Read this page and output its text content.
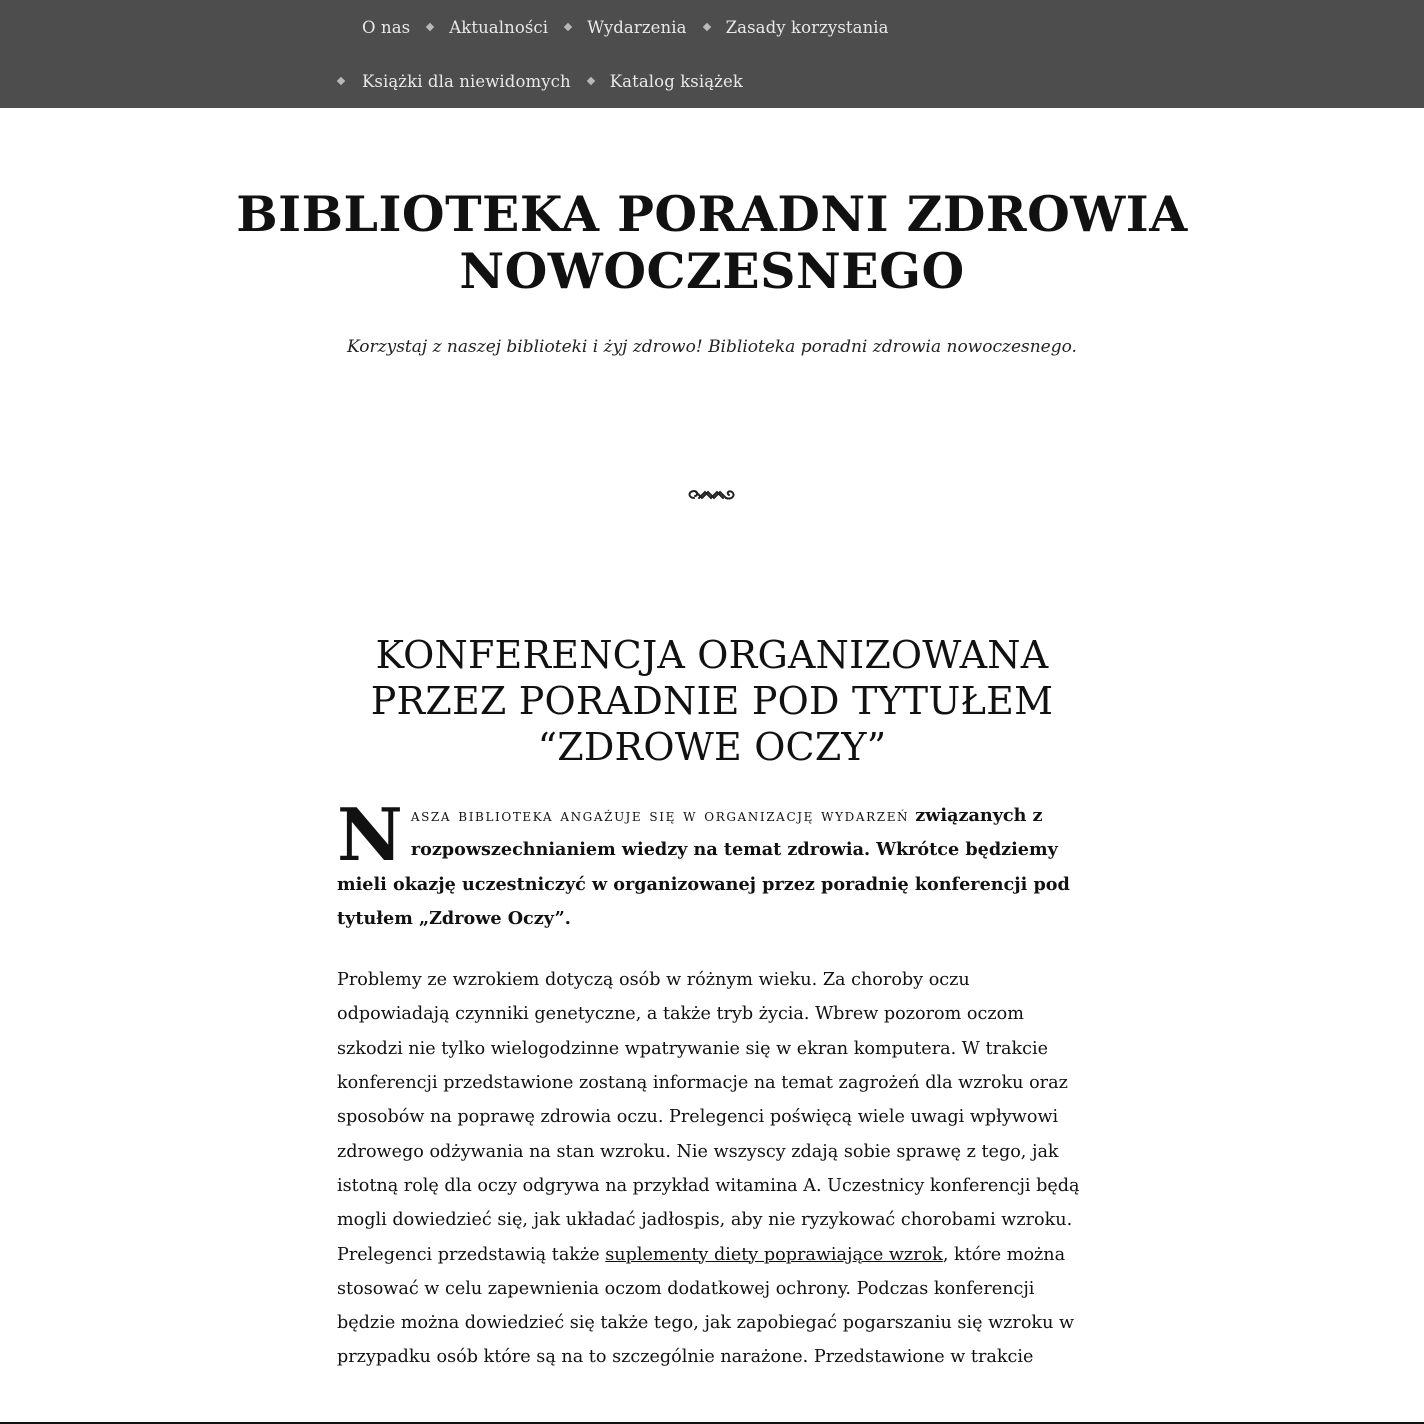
O nas Aktualności Wydarzenia Zasady korzystania
Książki dla niewidomych Katalog książek
BIBLIOTEKA PORADNI ZDROWIA
NOWOCZESNEGO

Korzystaj z naszej biblioteki i żyj zdrowo! Biblioteka poradni zdrowia nowoczesnego.

KONFERENCJA ORGANIZOWANA
PRZEZ PORADNIE POD TYTUŁEM
“ZDROWE OCZY”

Nasza biblioteka angażuje się w organizację wydarzeń związanych z rozpowszechnianiem wiedzy na temat zdrowia. Wkrótce będziemy mieli okazję uczestniczyć w organizowanej przez poradnię konferencji pod tytułem „Zdrowe Oczy”.

Problemy ze wzrokiem dotyczą osób w różnym wieku. Za choroby oczu odpowiadają czynniki genetyczne, a także tryb życia. Wbrew pozorom oczom szkodzi nie tylko wielogodzinne wpatrywanie się w ekran komputera. W trakcie konferencji przedstawione zostaną informacje na temat zagrożeń dla wzroku oraz sposobów na poprawę zdrowia oczu. Prelegenci poświęcą wiele uwagi wpływowi zdrowego odżywania na stan wzroku. Nie wszyscy zdają sobie sprawę z tego, jak istotną rolę dla oczy odgrywa na przykład witamina A. Uczestnicy konferencji będą mogli dowiedzieć się, jak układać jadłospis, aby nie ryzykować chorobami wzroku. Prelegenci przedstawią także suplementy diety poprawiające wzrok, które można stosować w celu zapewnienia oczom dodatkowej ochrony. Podczas konferencji będzie można dowiedzieć się także tego, jak zapobiegać pogarszaniu się wzroku w przypadku osób które są na to szczególnie narażone. Przedstawione w trakcie
